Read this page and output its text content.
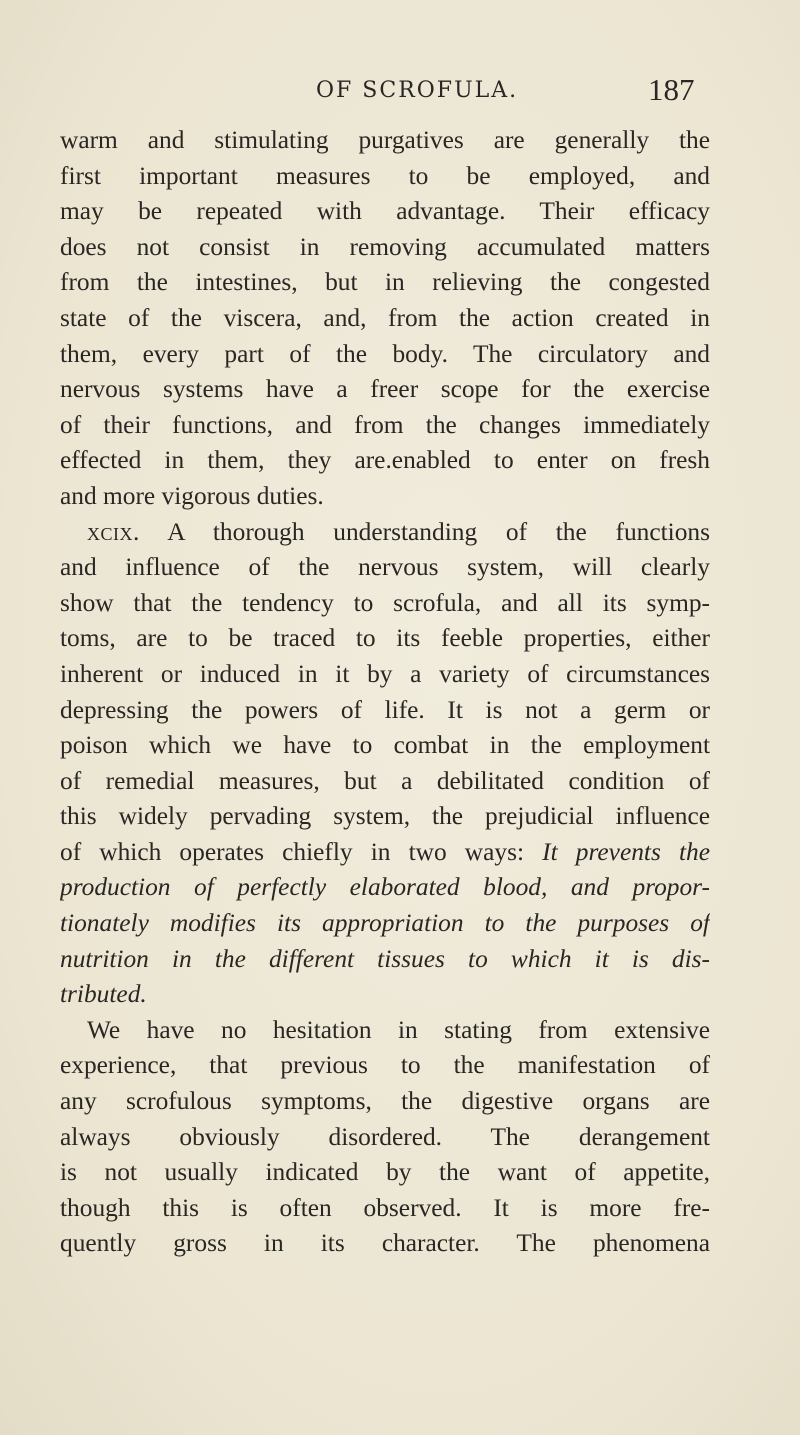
OF SCROFULA.	187
warm and stimulating purgatives are generally the
first important measures to be employed, and
may be repeated with advantage. Their efficacy
does not consist in removing accumulated matters
from the intestines, but in relieving the congested
state of the viscera, and, from the action created in
them, every part of the body. The circulatory and
nervous systems have a freer scope for the exercise
of their functions, and from the changes immediately
effected in them, they are.enabled to enter on fresh
and more vigorous duties.
xcix. A thorough understanding of the functions
and influence of the nervous system, will clearly
show that the tendency to scrofula, and all its symp-
toms, are to be traced to its feeble properties, either
inherent or induced in it by a variety of circumstances
depressing the powers of life. It is not a germ or
poison which we have to combat in the employment
of remedial measures, but a debilitated condition of
this widely pervading system, the prejudicial influence
of which operates chiefly in two ways: It prevents the
production of perfectly elaborated blood, and propor-
tionately modifies its appropriation to the purposes of
nutrition in the different tissues to which it is dis-
tributed.
We have no hesitation in stating from extensive
experience, that previous to the manifestation of
any scrofulous symptoms, the digestive organs are
always obviously disordered. The derangement
is not usually indicated by the want of appetite,
though this is often observed. It is more fre-
quently gross in its character. The phenomena
